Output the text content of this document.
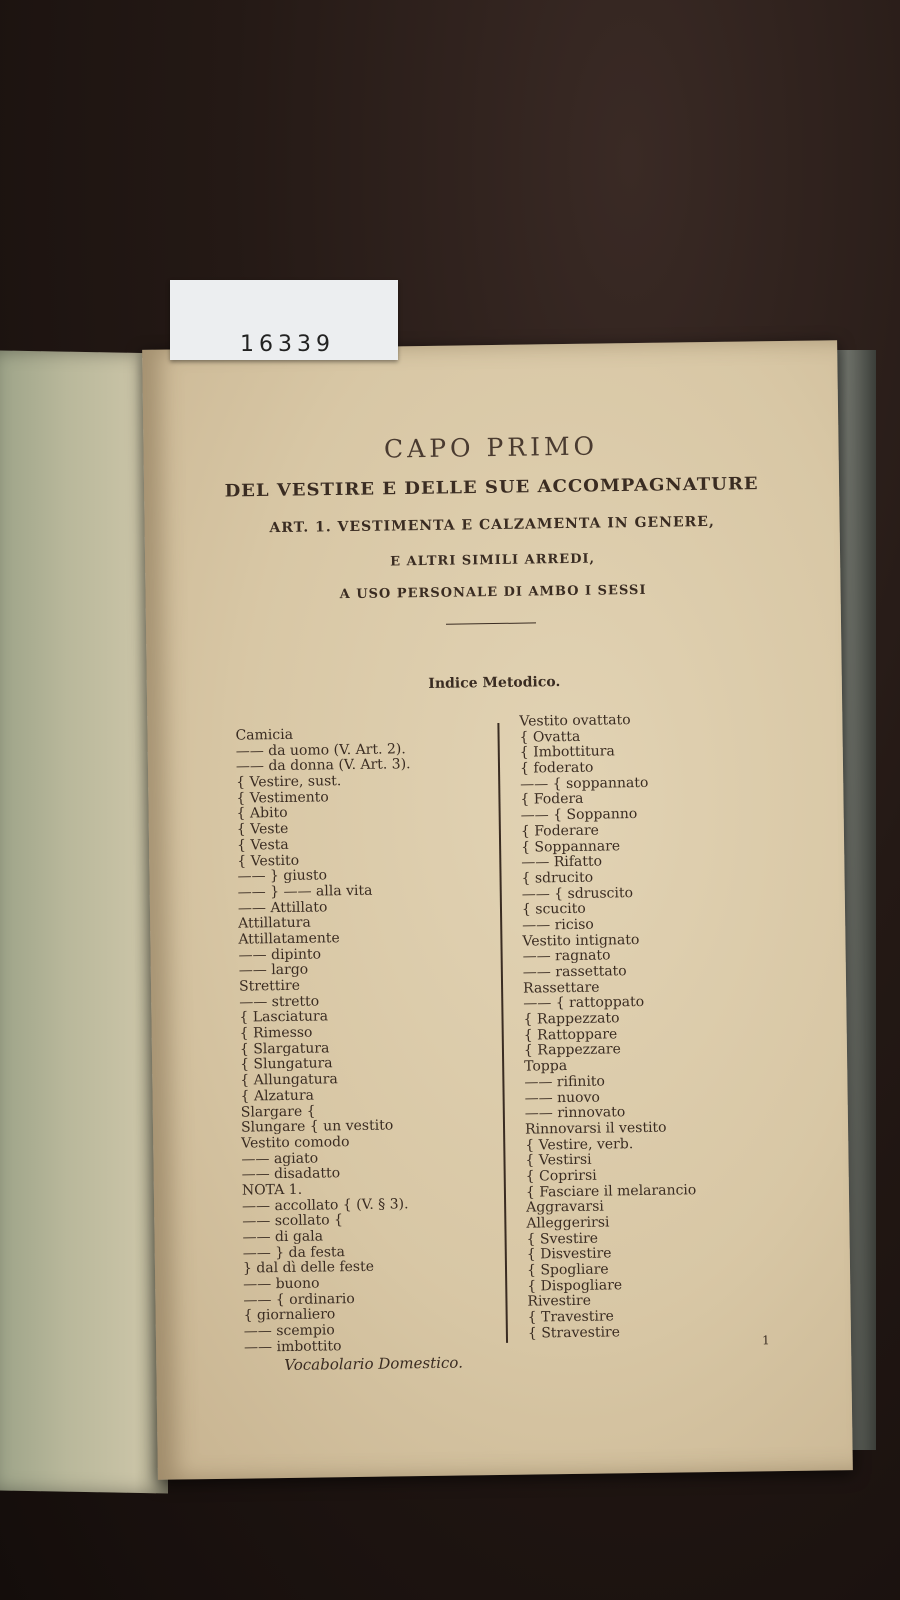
CAPO PRIMO
DEL VESTIRE E DELLE SUE ACCOMPAGNATURE
ART. 1. VESTIMENTA E CALZAMENTA IN GENERE,
E ALTRI SIMILI ARREDI,
A USO PERSONALE DI AMBO I SESSI
Indice Metodico.
Camicia
—— da uomo (V. Art. 2).
—— da donna (V. Art. 3).
{ Vestire, sust.
{ Vestimento
{ Abito
{ Veste
{ Vesta
{ Vestito
—— } giusto
—— } —— alla vita
—— Attillato
Attillatura
Attillatamente
—— dipinto
—— largo
Strettire
—— stretto
{ Lasciatura
{ Rimesso
{ Slargatura
{ Slungatura
{ Allungatura
{ Alzatura
Slargare {
Slungare { un vestito
Vestito comodo
—— agiato
—— disadatto
NOTA 1.
—— accollato { (V. § 3).
—— scollato {
—— di gala
—— } da festa
} dal dì delle feste
—— buono
—— { ordinario
{ giornaliero
—— scempio
—— imbottito
Vestito ovattato
{ Ovatta
{ Imbottitura
{ foderato
—— { soppannato
{ Fodera
—— { Soppanno
{ Foderare
{ Soppannare
—— Rifatto
{ sdrucito
—— { sdruscito
{ scucito
—— riciso
Vestito intignato
—— ragnato
—— rassettato
Rassettare
—— { rattoppato
{ Rappezzato
{ Rattoppare
{ Rappezzare
Toppa
—— rifinito
—— nuovo
—— rinnovato
Rinnovarsi il vestito
{ Vestire, verb.
{ Vestirsi
{ Coprirsi
{ Fasciare il melarancio
Aggravarsi
Alleggerirsi
{ Svestire
{ Disvestire
{ Spogliare
{ Dispogliare
Rivestire
{ Travestire
{ Stravestire
Vocabolario Domestico.
1
16339
